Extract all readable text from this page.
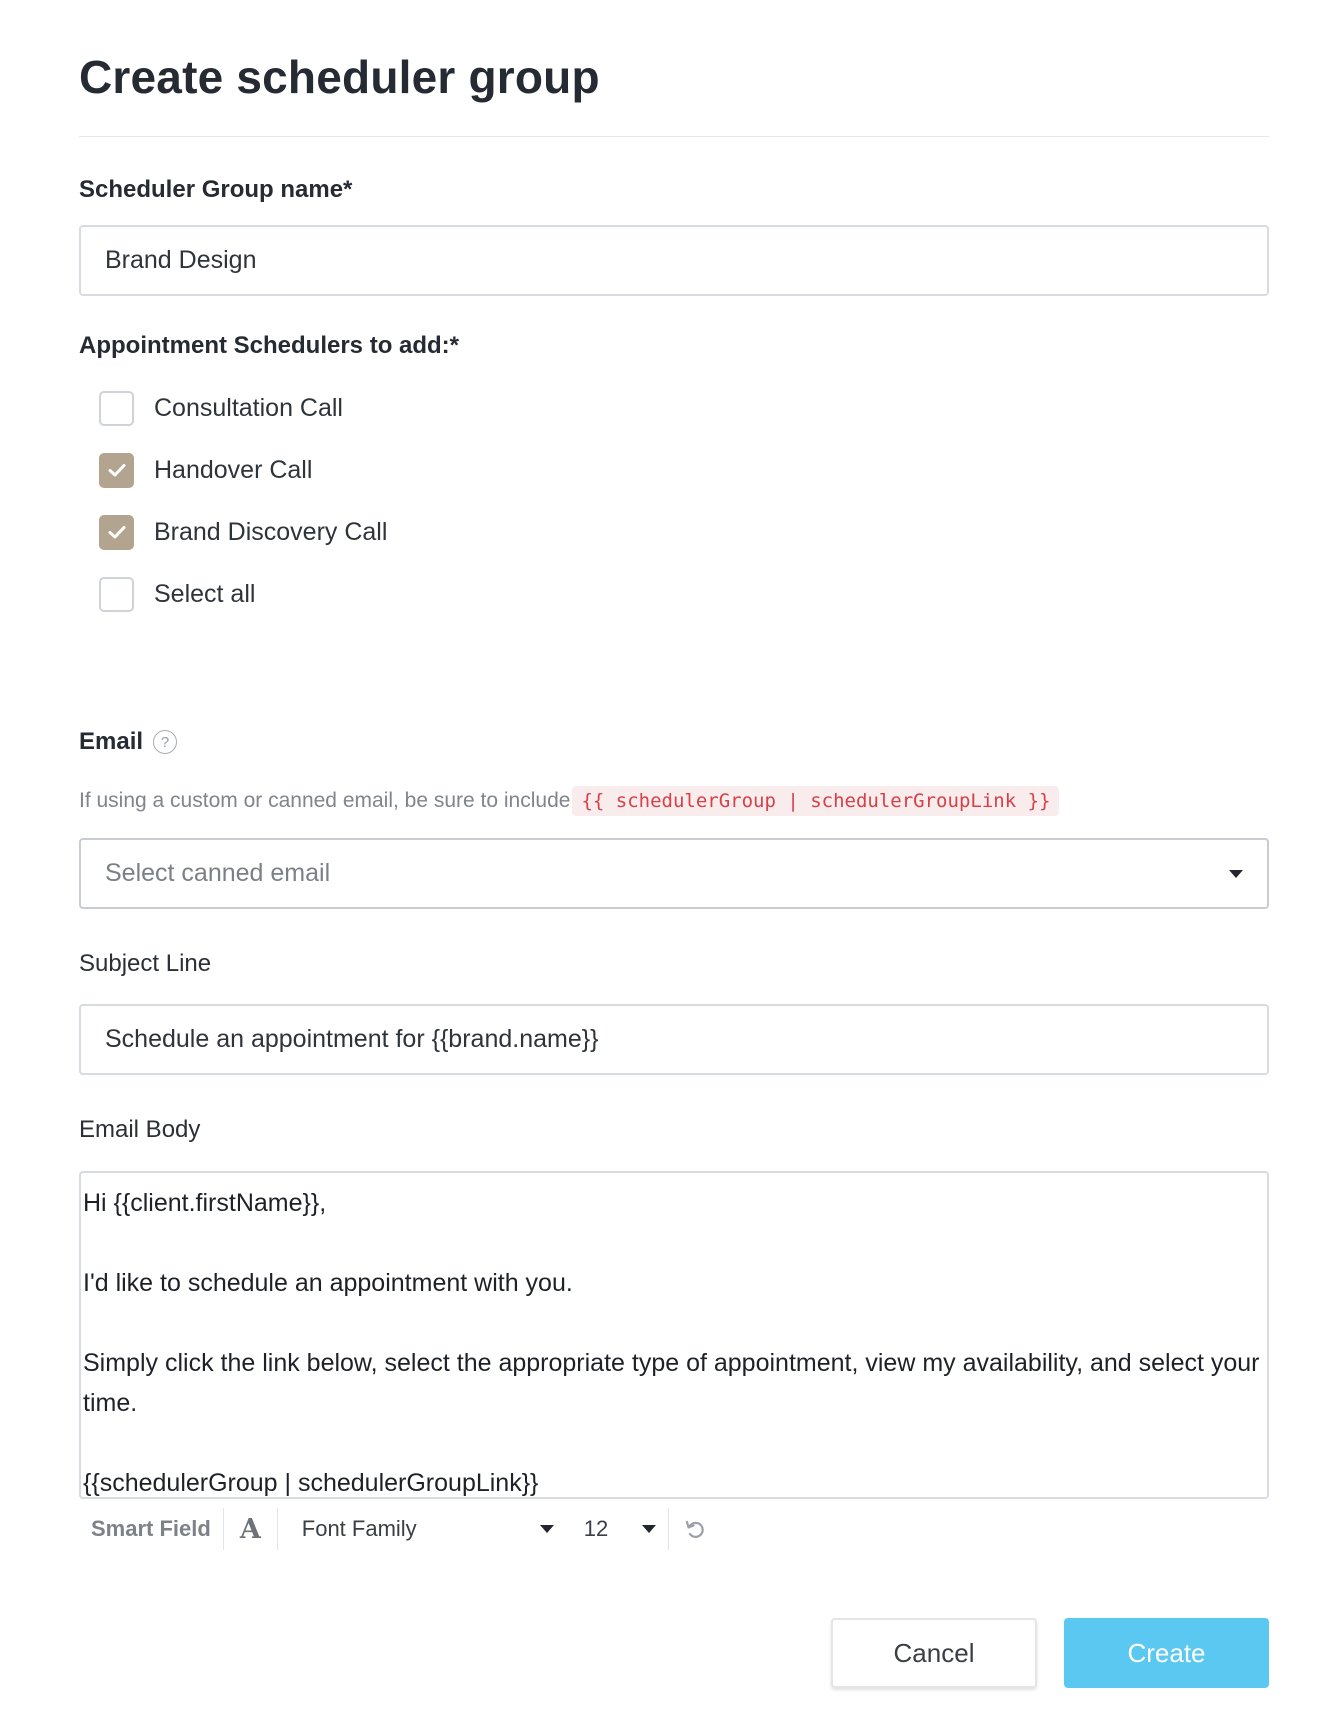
Create scheduler group
Scheduler Group name*
Brand Design
Appointment Schedulers to add:*
Consultation Call
Handover Call
Brand Discovery Call
Select all
Email	?
If using a custom or canned email, be sure to include {{ schedulerGroup | schedulerGroupLink }}
Select canned email
Subject Line
Schedule an appointment for {{brand.name}}
Email Body

Hi {{client.firstName}},

I'd like to schedule an appointment with you.

Simply click the link below, select the appropriate type of appointment, view my availability, and select your time.

{{schedulerGroup | schedulerGroupLink}}

Smart Field	A	Font Family	12
Cancel	Create
